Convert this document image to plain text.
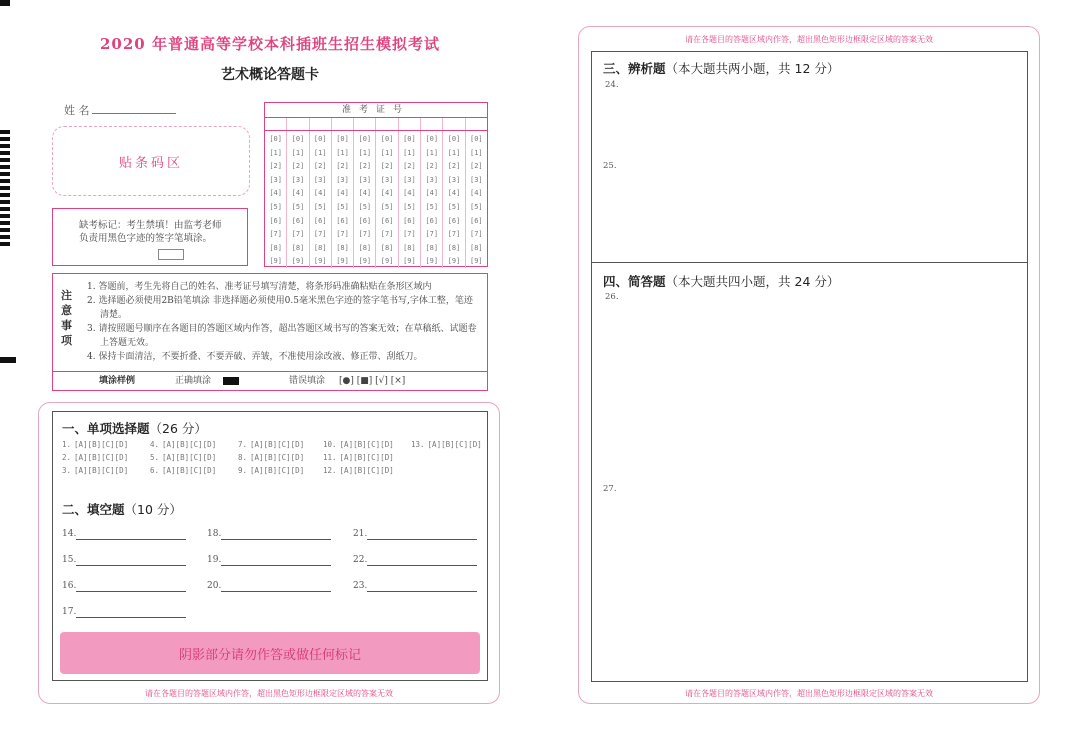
2020 年普通高等学校本科插班生招生模拟考试
艺术概论答题卡
姓 名
贴条码区
缺考标记：考生禁填！由监考老师
负责用黑色字迹的签字笔填涂。
准考证号
[0]
[1]
[2]
[3]
[4]
[5]
[6]
[7]
[8]
[9]
[0]
[1]
[2]
[3]
[4]
[5]
[6]
[7]
[8]
[9]
[0]
[1]
[2]
[3]
[4]
[5]
[6]
[7]
[8]
[9]
[0]
[1]
[2]
[3]
[4]
[5]
[6]
[7]
[8]
[9]
[0]
[1]
[2]
[3]
[4]
[5]
[6]
[7]
[8]
[9]
[0]
[1]
[2]
[3]
[4]
[5]
[6]
[7]
[8]
[9]
[0]
[1]
[2]
[3]
[4]
[5]
[6]
[7]
[8]
[9]
[0]
[1]
[2]
[3]
[4]
[5]
[6]
[7]
[8]
[9]
[0]
[1]
[2]
[3]
[4]
[5]
[6]
[7]
[8]
[9]
[0]
[1]
[2]
[3]
[4]
[5]
[6]
[7]
[8]
[9]
注意事项
1. 答题前，考生先将自己的姓名、准考证号填写清楚，将条形码准确粘贴在条形区域内
2. 选择题必须使用2B铅笔填涂 非选择题必须使用0.5毫米黑色字迹的签字笔书写,字体工整，笔迹清楚。
3. 请按照题号顺序在各题目的答题区域内作答，超出答题区域书写的答案无效；在草稿纸、试题卷上答题无效。
4. 保持卡面清洁，不要折叠、不要弄破、弄皱，不准使用涂改液、修正带、刮纸刀。
填涂样例	正确填涂	错误填涂 [●] [■] [√] [×]
一、单项选择题（26 分）
1. [A][B][C][D]
2. [A][B][C][D]
3. [A][B][C][D]
4. [A][B][C][D]
5. [A][B][C][D]
6. [A][B][C][D]
7. [A][B][C][D]
8. [A][B][C][D]
9. [A][B][C][D]
10. [A][B][C][D]
11. [A][B][C][D]
12. [A][B][C][D]
13. [A][B][C][D]
二、填空题（10 分）
14.
15.
16.
17.
18.
19.
20.
21.
22.
23.
阴影部分请勿作答或做任何标记
请在各题目的答题区域内作答，超出黑色矩形边框限定区域的答案无效
请在各题目的答题区域内作答，超出黑色矩形边框限定区域的答案无效
三、辨析题（本大题共两小题，共 12 分）
24.
25.
四、简答题（本大题共四小题，共 24 分）
26.
27.
请在各题目的答题区域内作答，超出黑色矩形边框限定区域的答案无效
